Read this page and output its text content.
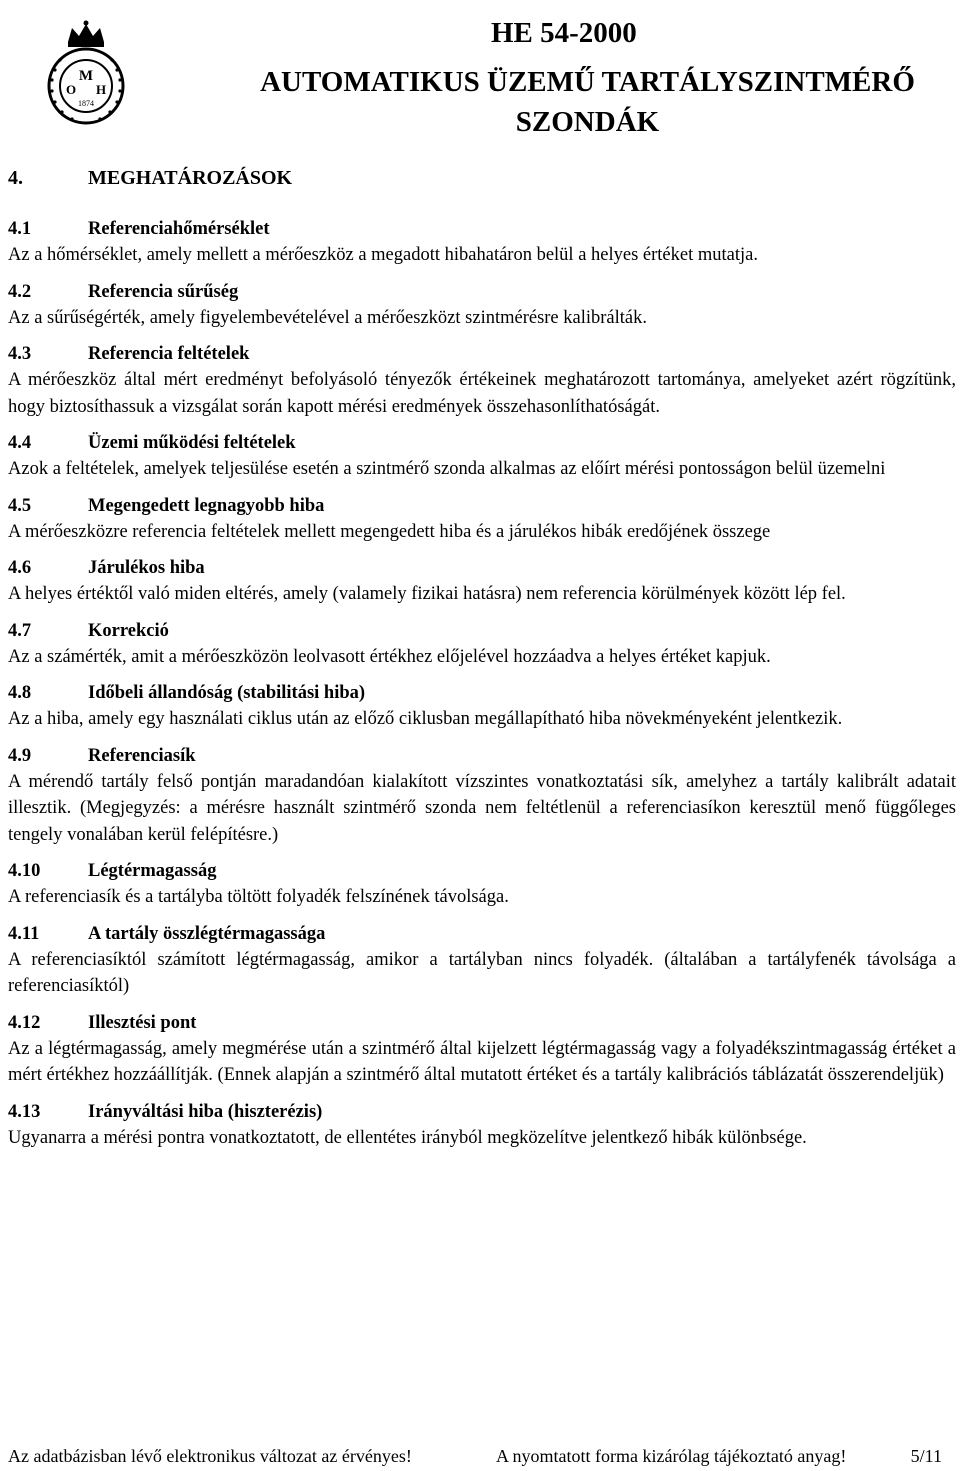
M
O H
1874
HE 54-2000
AUTOMATIKUS ÜZEMŰ TARTÁLYSZINTMÉRŐ SZONDÁK
4.	MEGHATÁROZÁSOK
4.1	Referenciahőmérséklet

Az a hőmérséklet, amely mellett a mérőeszköz a megadott hibahatáron belül a helyes értéket mutatja.

4.2	Referencia sűrűség

Az a sűrűségérték, amely figyelembevételével a mérőeszközt szintmérésre kalibrálták.

4.3	Referencia feltételek

A mérőeszköz által mért eredményt befolyásoló tényezők értékeinek meghatározott tartománya, amelyeket azért rögzítünk, hogy biztosíthassuk a vizsgálat során kapott mérési eredmények összehasonlíthatóságát.

4.4	Üzemi működési feltételek

Azok a feltételek, amelyek teljesülése esetén a szintmérő szonda alkalmas az előírt mérési pontosságon belül üzemelni

4.5	Megengedett legnagyobb hiba

A mérőeszközre referencia feltételek mellett megengedett hiba és a járulékos hibák eredőjének összege

4.6	Járulékos hiba

A helyes értéktől való miden eltérés, amely (valamely fizikai hatásra) nem referencia körülmények között lép fel.

4.7	Korrekció

Az a számérték, amit a mérőeszközön leolvasott értékhez előjelével hozzáadva a helyes értéket kapjuk.

4.8	Időbeli állandóság (stabilitási hiba)

Az a hiba, amely egy használati ciklus után az előző ciklusban megállapítható hiba növekményeként jelentkezik.

4.9	Referenciasík

A mérendő tartály felső pontján maradandóan kialakított vízszintes vonatkoztatási sík, amelyhez a tartály kalibrált adatait illesztik. (Megjegyzés: a mérésre használt szintmérő szonda nem feltétlenül a referenciasíkon keresztül menő függőleges tengely vonalában kerül felépítésre.)

4.10	Légtérmagasság

A referenciasík és a tartályba töltött folyadék felszínének távolsága.

4.11	A tartály összlégtérmagassága

A referenciasíktól számított légtérmagasság, amikor a tartályban nincs folyadék. (általában a tartályfenék távolsága a referenciasíktól)

4.12	Illesztési pont

Az a légtérmagasság, amely megmérése után a szintmérő által kijelzett légtérmagasság vagy a folyadékszintmagasság értéket a mért értékhez hozzáállítják. (Ennek alapján a szintmérő által mutatott értéket és a tartály kalibrációs táblázatát összerendeljük)

4.13	Irányváltási hiba (hiszterézis)

Ugyanarra a mérési pontra vonatkoztatott, de ellentétes irányból megközelítve jelentkező hibák különbsége.

Az adatbázisban lévő elektronikus változat az érvényes!	A nyomtatott forma kizárólag tájékoztató anyag!	5/11
